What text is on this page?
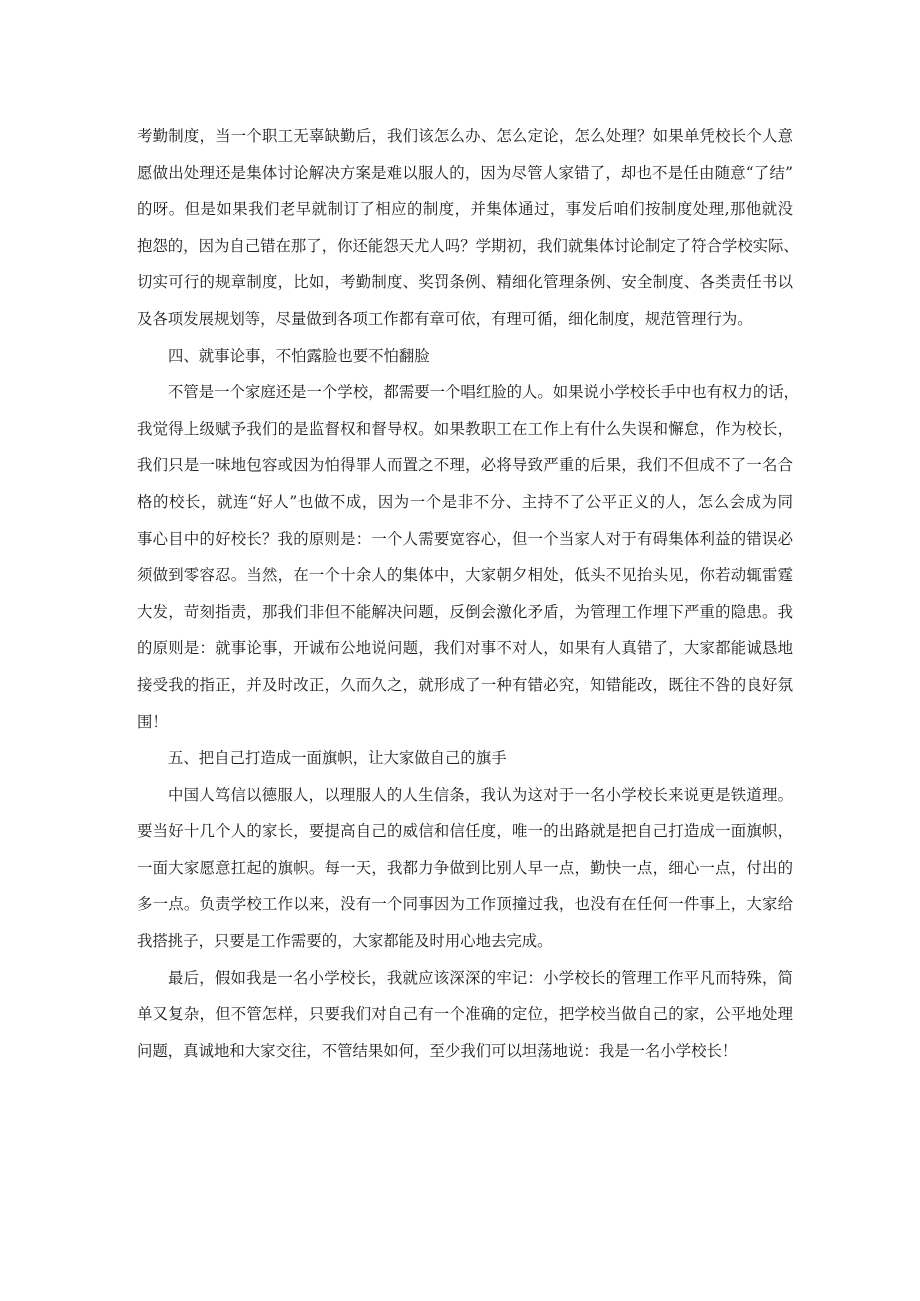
考勤制度，当一个职工无辜缺勤后，我们该怎么办、怎么定论，怎么处理？如果单凭校长个人意
愿做出处理还是集体讨论解决方案是难以服人的，因为尽管人家错了，却也不是任由随意“了结”
的呀。但是如果我们老早就制订了相应的制度，并集体通过，事发后咱们按制度处理,那他就没
抱怨的，因为自己错在那了，你还能怨天尤人吗？学期初，我们就集体讨论制定了符合学校实际、
切实可行的规章制度，比如，考勤制度、奖罚条例、精细化管理条例、安全制度、各类责任书以
及各项发展规划等，尽量做到各项工作都有章可依，有理可循，细化制度，规范管理行为。
四、就事论事，不怕露脸也要不怕翻脸
不管是一个家庭还是一个学校，都需要一个唱红脸的人。如果说小学校长手中也有权力的话，
我觉得上级赋予我们的是监督权和督导权。如果教职工在工作上有什么失误和懈怠，作为校长，
我们只是一味地包容或因为怕得罪人而置之不理，必将导致严重的后果，我们不但成不了一名合
格的校长，就连“好人”也做不成，因为一个是非不分、主持不了公平正义的人，怎么会成为同
事心目中的好校长？我的原则是：一个人需要宽容心，但一个当家人对于有碍集体利益的错误必
须做到零容忍。当然，在一个十余人的集体中，大家朝夕相处，低头不见抬头见，你若动辄雷霆
大发，苛刻指责，那我们非但不能解决问题，反倒会激化矛盾，为管理工作埋下严重的隐患。我
的原则是：就事论事，开诚布公地说问题，我们对事不对人，如果有人真错了，大家都能诚恳地
接受我的指正，并及时改正，久而久之，就形成了一种有错必究，知错能改，既往不咎的良好氛
围！
五、把自己打造成一面旗帜，让大家做自己的旗手
中国人笃信以德服人，以理服人的人生信条，我认为这对于一名小学校长来说更是铁道理。
要当好十几个人的家长，要提高自己的威信和信任度，唯一的出路就是把自己打造成一面旗帜，
一面大家愿意扛起的旗帜。每一天，我都力争做到比别人早一点，勤快一点，细心一点，付出的
多一点。负责学校工作以来，没有一个同事因为工作顶撞过我，也没有在任何一件事上，大家给
我搭挑子，只要是工作需要的，大家都能及时用心地去完成。
最后，假如我是一名小学校长，我就应该深深的牢记：小学校长的管理工作平凡而特殊，简
单又复杂，但不管怎样，只要我们对自己有一个准确的定位，把学校当做自己的家，公平地处理
问题，真诚地和大家交往，不管结果如何，至少我们可以坦荡地说：我是一名小学校长！
